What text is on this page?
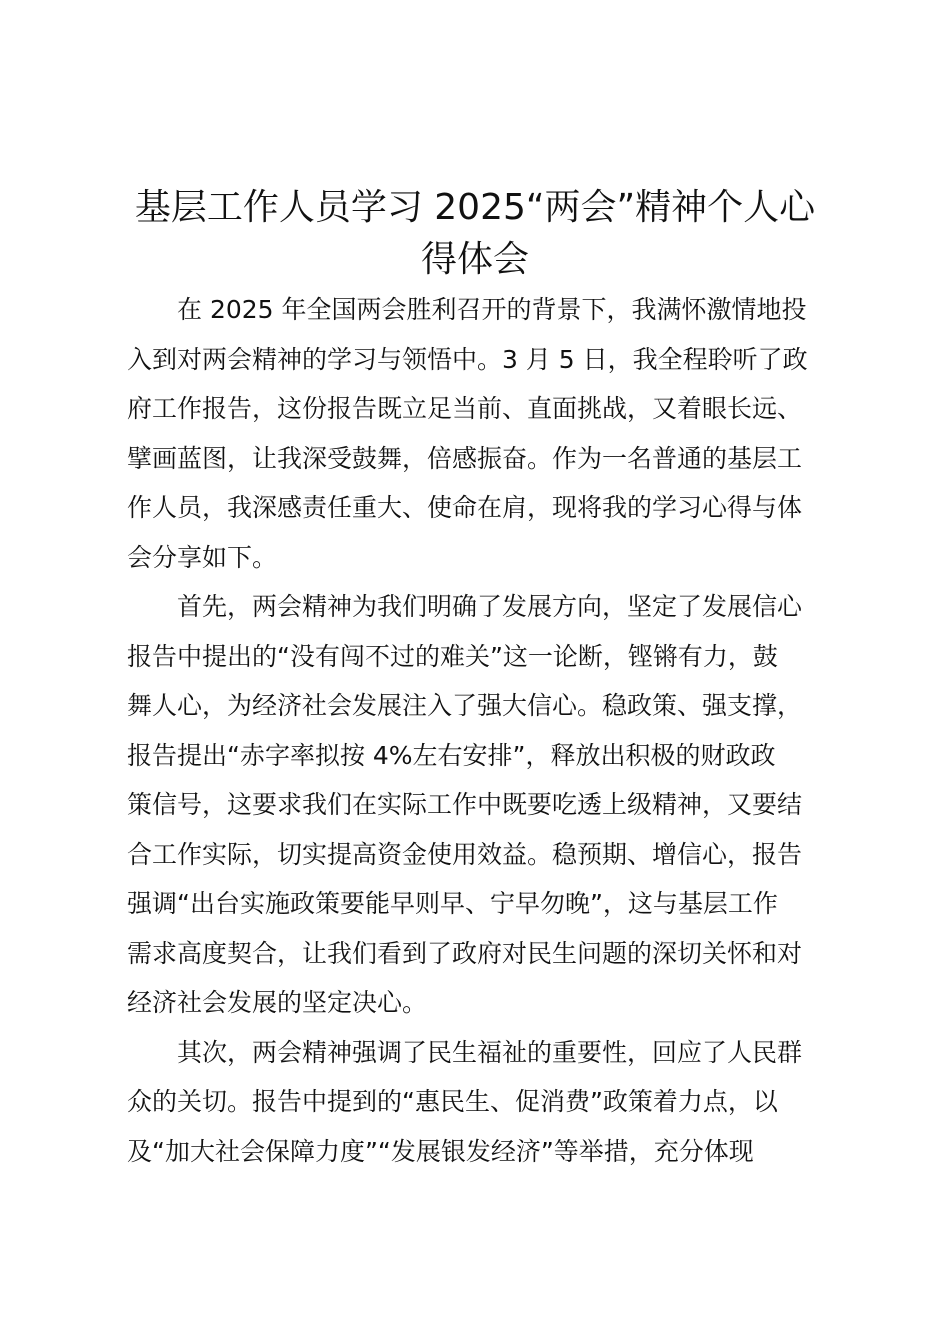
基层工作人员学习 2025“两会”精神个人心
得体会
在 2025 年全国两会胜利召开的背景下，我满怀激情地投
入到对两会精神的学习与领悟中。3 月 5 日，我全程聆听了政
府工作报告，这份报告既立足当前、直面挑战，又着眼长远、
擘画蓝图，让我深受鼓舞，倍感振奋。作为一名普通的基层工
作人员，我深感责任重大、使命在肩，现将我的学习心得与体
会分享如下。
首先，两会精神为我们明确了发展方向，坚定了发展信心
报告中提出的“没有闯不过的难关”这一论断，铿锵有力，鼓
舞人心，为经济社会发展注入了强大信心。稳政策、强支撑，
报告提出“赤字率拟按 4%左右安排”，释放出积极的财政政
策信号，这要求我们在实际工作中既要吃透上级精神，又要结
合工作实际，切实提高资金使用效益。稳预期、增信心，报告
强调“出台实施政策要能早则早、宁早勿晚”，这与基层工作
需求高度契合，让我们看到了政府对民生问题的深切关怀和对
经济社会发展的坚定决心。
其次，两会精神强调了民生福祉的重要性，回应了人民群
众的关切。报告中提到的“惠民生、促消费”政策着力点，以
及“加大社会保障力度”“发展银发经济”等举措，充分体现
